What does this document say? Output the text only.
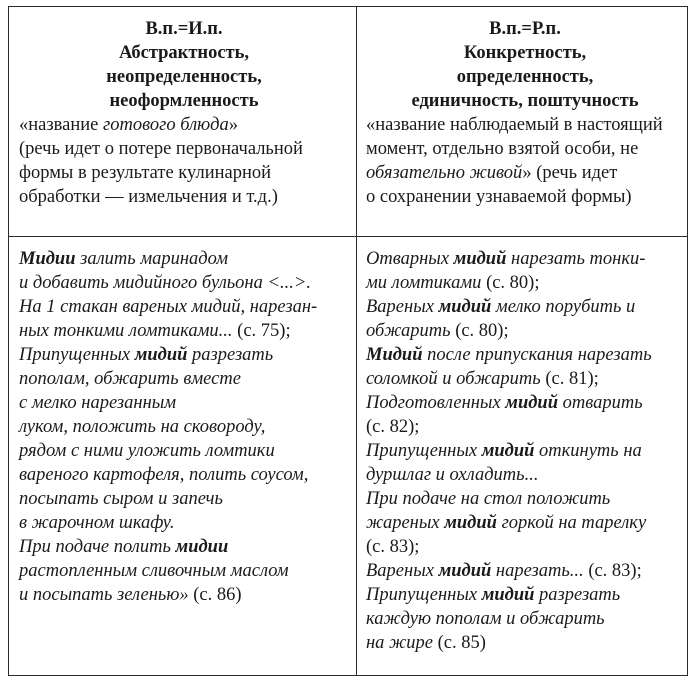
В.п.=И.п.
Абстрактность,
неопределенность,
неоформленность
«название готового блюда»
(речь идет о потере первоначальной
формы в результате кулинарной
обработки — измельчения и т.д.)
В.п.=Р.п.
Конкретность,
определенность,
единичность, поштучность
«название наблюдаемый в настоящий
момент, отдельно взятой особи, не
обязательно живой» (речь идет
о сохранении узнаваемой формы)
Мидии залить маринадом
и добавить мидийного бульона <...>.
На 1 стакан вареных мидий, нарезан-
ных тонкими ломтиками... (с. 75);
Припущенных мидий разрезать
пополам, обжарить вместе
с мелко нарезанным
луком, положить на сковороду,
рядом с ними уложить ломтики
вареного картофеля, полить соусом,
посыпать сыром и запечь
в жарочном шкафу.
При подаче полить мидии
растопленным сливочным маслом
и посыпать зеленью» (с. 86)
Отварных мидий нарезать тонки-
ми ломтиками (с. 80);
Вареных мидий мелко порубить и
обжарить (с. 80);
Мидий после припускания нарезать
соломкой и обжарить (с. 81);
Подготовленных мидий отварить
(с. 82);
Припущенных мидий откинуть на
дуршлаг и охладить...
При подаче на стол положить
жареных мидий горкой на тарелку
(с. 83);
Вареных мидий нарезать... (с. 83);
Припущенных мидий разрезать
каждую пополам и обжарить
на жире (с. 85)
